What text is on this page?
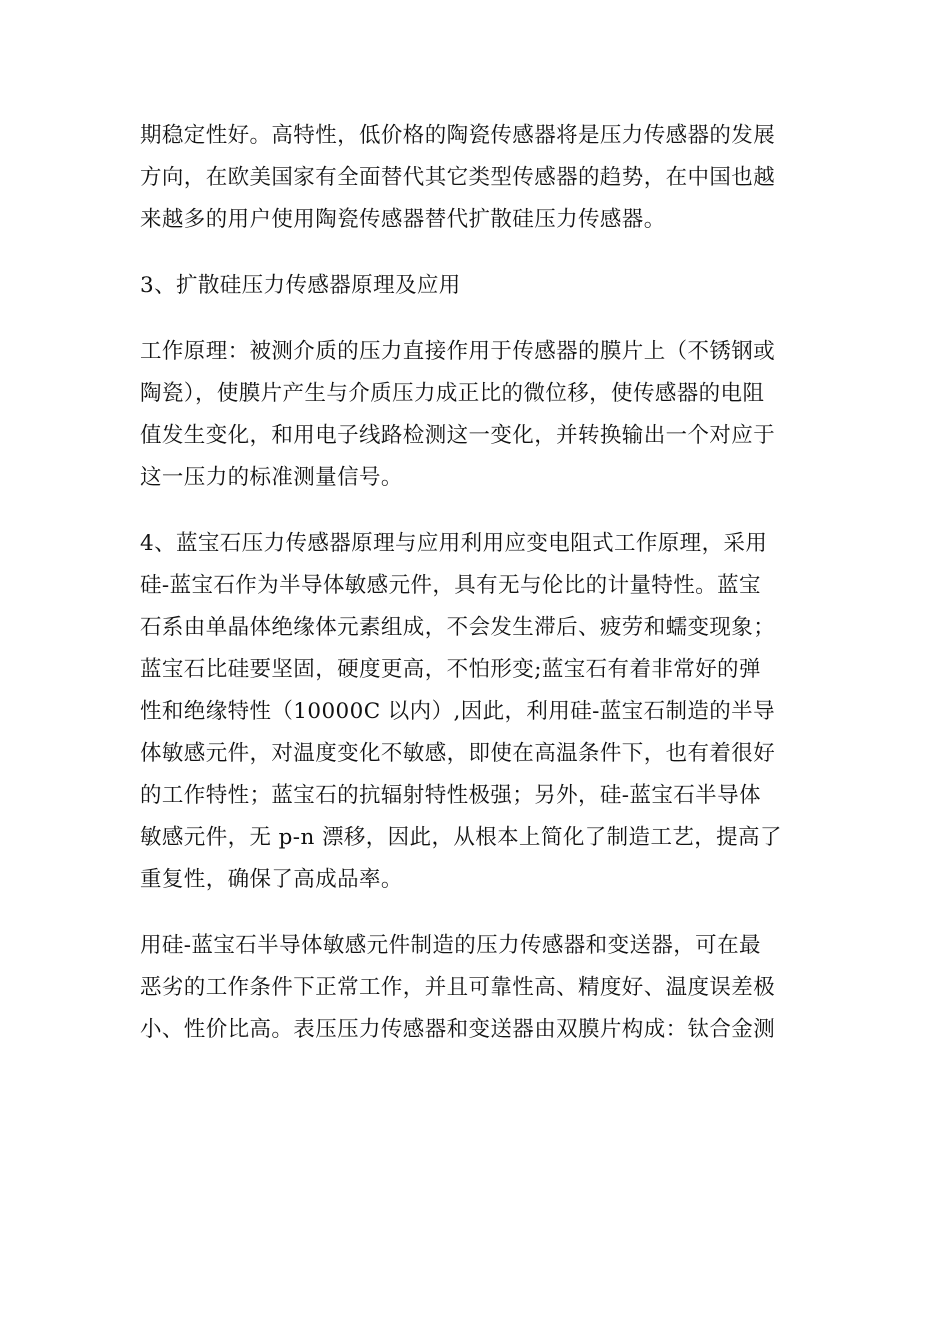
期稳定性好。高特性，低价格的陶瓷传感器将是压力传感器的发展
方向，在欧美国家有全面替代其它类型传感器的趋势，在中国也越
来越多的用户使用陶瓷传感器替代扩散硅压力传感器。

3、扩散硅压力传感器原理及应用

工作原理：被测介质的压力直接作用于传感器的膜片上（不锈钢或
陶瓷），使膜片产生与介质压力成正比的微位移，使传感器的电阻
值发生变化，和用电子线路检测这一变化，并转换输出一个对应于
这一压力的标准测量信号。

4、蓝宝石压力传感器原理与应用利用应变电阻式工作原理，采用
硅-蓝宝石作为半导体敏感元件，具有无与伦比的计量特性。蓝宝
石系由单晶体绝缘体元素组成，不会发生滞后、疲劳和蠕变现象；
蓝宝石比硅要坚固，硬度更高，不怕形变;蓝宝石有着非常好的弹
性和绝缘特性（10000C 以内）,因此，利用硅-蓝宝石制造的半导
体敏感元件，对温度变化不敏感，即使在高温条件下，也有着很好
的工作特性；蓝宝石的抗辐射特性极强；另外，硅-蓝宝石半导体
敏感元件，无 p-n 漂移，因此，从根本上简化了制造工艺，提高了
重复性，确保了高成品率。

用硅-蓝宝石半导体敏感元件制造的压力传感器和变送器，可在最
恶劣的工作条件下正常工作，并且可靠性高、精度好、温度误差极
小、性价比高。表压压力传感器和变送器由双膜片构成：钛合金测
